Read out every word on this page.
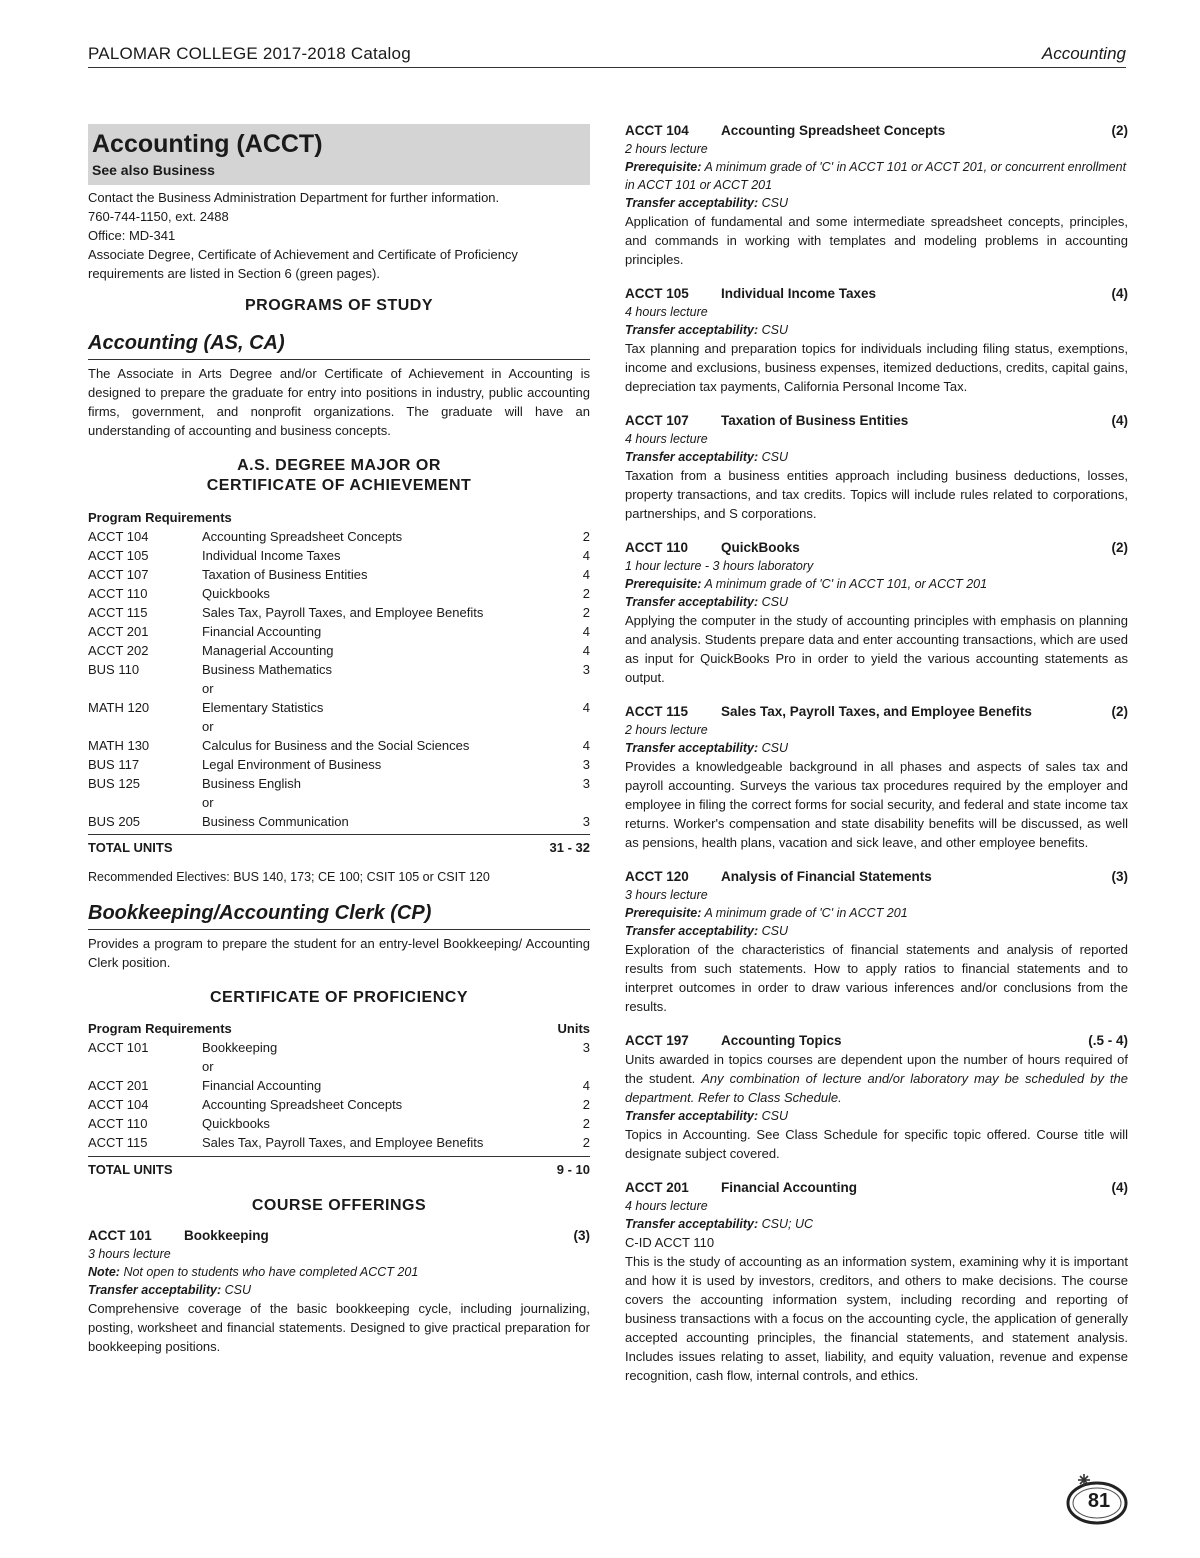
PALOMAR COLLEGE 2017-2018 Catalog	Accounting
Accounting (ACCT)
See also Business
Contact the Business Administration Department for further information.
760-744-1150, ext. 2488
Office: MD-341
Associate Degree, Certificate of Achievement and Certificate of Proficiency requirements are listed in Section 6 (green pages).
PROGRAMS OF STUDY
Accounting (AS, CA)
The Associate in Arts Degree and/or Certificate of Achievement in Accounting is designed to prepare the graduate for entry into positions in industry, public accounting firms, government, and nonprofit organizations. The graduate will have an understanding of accounting and business concepts.
A.S. DEGREE MAJOR OR
CERTIFICATE OF ACHIEVEMENT
Program Requirements
ACCT 104	Accounting Spreadsheet Concepts	2
ACCT 105	Individual Income Taxes	4
ACCT 107	Taxation of Business Entities	4
ACCT 110	Quickbooks	2
ACCT 115	Sales Tax, Payroll Taxes, and Employee Benefits	2
ACCT 201	Financial Accounting	4
ACCT 202	Managerial Accounting	4
BUS 110	Business Mathematics	3
or
MATH 120	Elementary Statistics	4
or
MATH 130	Calculus for Business and the Social Sciences	4
BUS 117	Legal Environment of Business	3
BUS 125	Business English	3
or
BUS 205	Business Communication	3
TOTAL UNITS	31 - 32
Recommended Electives: BUS 140, 173; CE 100; CSIT 105 or CSIT 120
Bookkeeping/Accounting Clerk (CP)
Provides a program to prepare the student for an entry-level Bookkeeping/ Accounting Clerk position.
CERTIFICATE OF PROFICIENCY
Program Requirements	Units
ACCT 101	Bookkeeping	3
or
ACCT 201	Financial Accounting	4
ACCT 104	Accounting Spreadsheet Concepts	2
ACCT 110	Quickbooks	2
ACCT 115	Sales Tax, Payroll Taxes, and Employee Benefits	2
TOTAL UNITS	9 - 10
COURSE OFFERINGS
ACCT 101	Bookkeeping	(3)
3 hours lecture
Note: Not open to students who have completed ACCT 201
Transfer acceptability: CSU
Comprehensive coverage of the basic bookkeeping cycle, including journalizing, posting, worksheet and financial statements. Designed to give practical preparation for bookkeeping positions.
ACCT 104	Accounting Spreadsheet Concepts	(2)
2 hours lecture
Prerequisite: A minimum grade of 'C' in ACCT 101 or ACCT 201, or concurrent enrollment in ACCT 101 or ACCT 201
Transfer acceptability: CSU
Application of fundamental and some intermediate spreadsheet concepts, principles, and commands in working with templates and modeling problems in accounting principles.
ACCT 105	Individual Income Taxes	(4)
4 hours lecture
Transfer acceptability: CSU
Tax planning and preparation topics for individuals including filing status, exemptions, income and exclusions, business expenses, itemized deductions, credits, capital gains, depreciation tax payments, California Personal Income Tax.
ACCT 107	Taxation of Business Entities	(4)
4 hours lecture
Transfer acceptability: CSU
Taxation from a business entities approach including business deductions, losses, property transactions, and tax credits. Topics will include rules related to corporations, partnerships, and S corporations.
ACCT 110	QuickBooks	(2)
1 hour lecture - 3 hours laboratory
Prerequisite: A minimum grade of 'C' in ACCT 101, or ACCT 201
Transfer acceptability: CSU
Applying the computer in the study of accounting principles with emphasis on planning and analysis. Students prepare data and enter accounting transactions, which are used as input for QuickBooks Pro in order to yield the various accounting statements as output.
ACCT 115	Sales Tax, Payroll Taxes, and Employee Benefits	(2)
2 hours lecture
Transfer acceptability: CSU
Provides a knowledgeable background in all phases and aspects of sales tax and payroll accounting. Surveys the various tax procedures required by the employer and employee in filing the correct forms for social security, and federal and state income tax returns. Worker's compensation and state disability benefits will be discussed, as well as pensions, health plans, vacation and sick leave, and other employee benefits.
ACCT 120	Analysis of Financial Statements	(3)
3 hours lecture
Prerequisite: A minimum grade of 'C' in ACCT 201
Transfer acceptability: CSU
Exploration of the characteristics of financial statements and analysis of reported results from such statements. How to apply ratios to financial statements and to interpret outcomes in order to draw various inferences and/or conclusions from the results.
ACCT 197	Accounting Topics	(.5 - 4)
Units awarded in topics courses are dependent upon the number of hours required of the student. Any combination of lecture and/or laboratory may be scheduled by the department. Refer to Class Schedule.
Transfer acceptability: CSU
Topics in Accounting. See Class Schedule for specific topic offered. Course title will designate subject covered.
ACCT 201	Financial Accounting	(4)
4 hours lecture
Transfer acceptability: CSU; UC
C-ID ACCT 110
This is the study of accounting as an information system, examining why it is important and how it is used by investors, creditors, and others to make decisions. The course covers the accounting information system, including recording and reporting of business transactions with a focus on the accounting cycle, the application of generally accepted accounting principles, the financial statements, and statement analysis. Includes issues relating to asset, liability, and equity valuation, revenue and expense recognition, cash flow, internal controls, and ethics.
81
